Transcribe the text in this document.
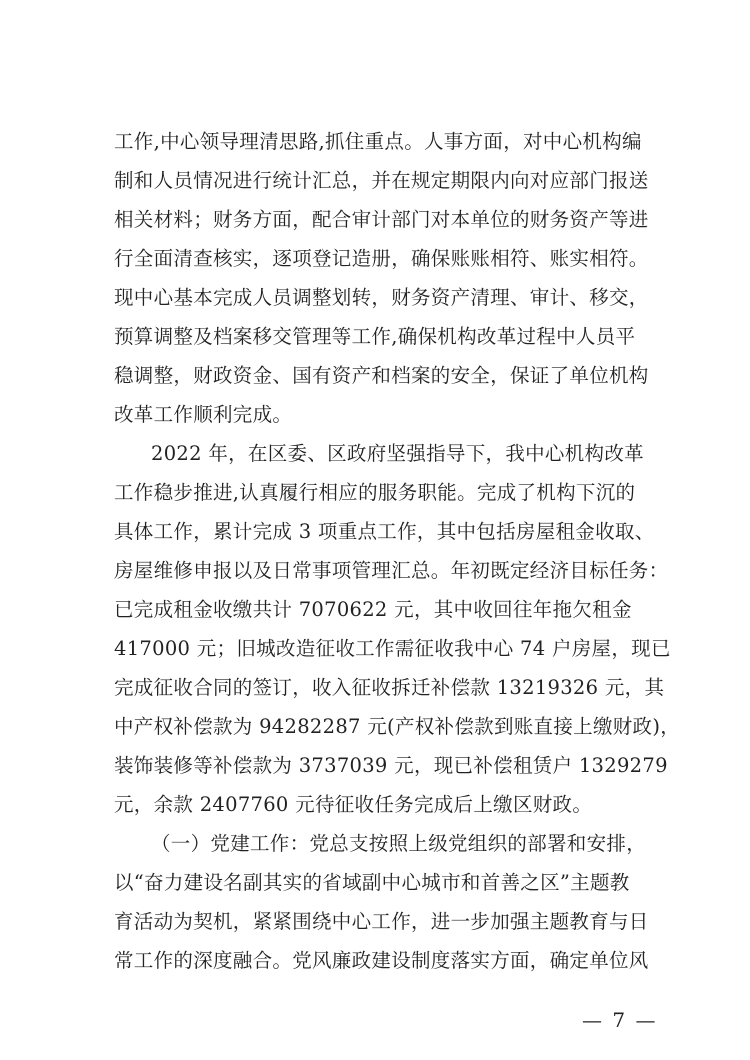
工作,中心领导理清思路,抓住重点。人事方面，对中心机构编
制和人员情况进行统计汇总，并在规定期限内向对应部门报送
相关材料；财务方面，配合审计部门对本单位的财务资产等进
行全面清查核实，逐项登记造册，确保账账相符、账实相符。
现中心基本完成人员调整划转，财务资产清理、审计、移交，
预算调整及档案移交管理等工作,确保机构改革过程中人员平
稳调整，财政资金、国有资产和档案的安全，保证了单位机构
改革工作顺利完成。
2022 年，在区委、区政府坚强指导下，我中心机构改革
工作稳步推进,认真履行相应的服务职能。完成了机构下沉的
具体工作，累计完成 3 项重点工作，其中包括房屋租金收取、
房屋维修申报以及日常事项管理汇总。年初既定经济目标任务：
已完成租金收缴共计 7070622 元，其中收回往年拖欠租金
417000 元；旧城改造征收工作需征收我中心 74 户房屋，现已
完成征收合同的签订，收入征收拆迁补偿款 13219326 元，其
中产权补偿款为 94282287 元(产权补偿款到账直接上缴财政)，
装饰装修等补偿款为 3737039 元，现已补偿租赁户 1329279
元，余款 2407760 元待征收任务完成后上缴区财政。
（一）党建工作：党总支按照上级党组织的部署和安排，
以“奋力建设名副其实的省域副中心城市和首善之区”主题教
育活动为契机，紧紧围绕中心工作，进一步加强主题教育与日
常工作的深度融合。党风廉政建设制度落实方面，确定单位风
— 7 —
